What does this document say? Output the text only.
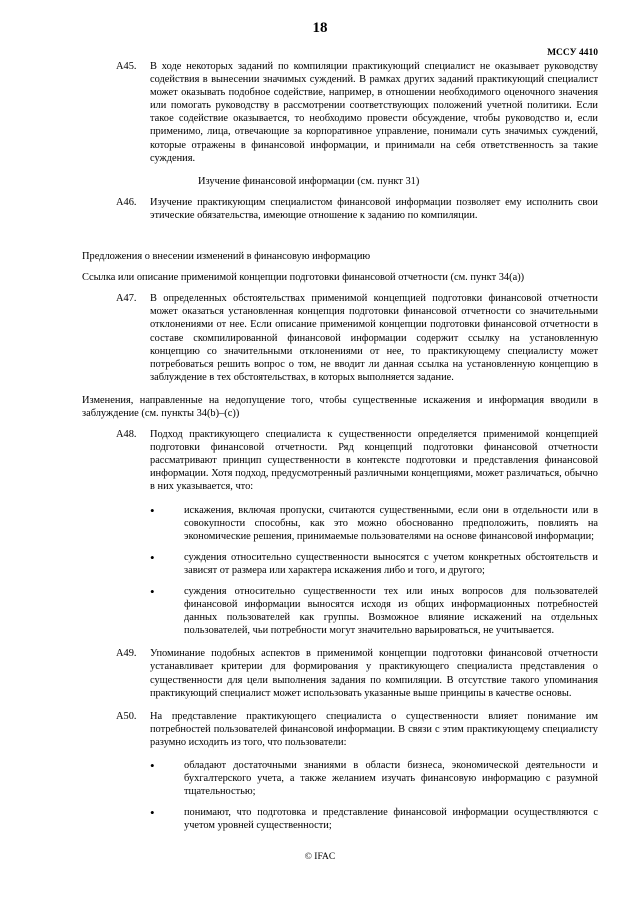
18
МССУ 4410
A45. В ходе некоторых заданий по компиляции практикующий специалист не оказывает руководству содействия в вынесении значимых суждений. В рамках других заданий практикующий специалист может оказывать подобное содействие, например, в отношении необходимого оценочного значения или помогать руководству в рассмотрении соответствующих положений учетной политики. Если такое содействие оказывается, то необходимо провести обсуждение, чтобы руководство и, если применимо, лица, отвечающие за корпоративное управление, понимали суть значимых суждений, которые отражены в финансовой информации, и принимали на себя ответственность за такие суждения.
Изучение финансовой информации (см. пункт 31)
A46. Изучение практикующим специалистом финансовой информации позволяет ему исполнить свои этические обязательства, имеющие отношение к заданию по компиляции.
Предложения о внесении изменений в финансовую информацию
Ссылка или описание применимой концепции подготовки финансовой отчетности (см. пункт 34(a))
A47. В определенных обстоятельствах применимой концепцией подготовки финансовой отчетности может оказаться установленная концепция подготовки финансовой отчетности со значительными отклонениями от нее. Если описание применимой концепции подготовки финансовой отчетности в составе скомпилированной финансовой информации содержит ссылку на установленную концепцию со значительными отклонениями от нее, то практикующему специалисту может потребоваться решить вопрос о том, не вводит ли данная ссылка на установленную концепцию в заблуждение в тех обстоятельствах, в которых выполняется задание.
Изменения, направленные на недопущение того, чтобы существенные искажения и информация вводили в заблуждение (см. пункты 34(b)–(c))
A48. Подход практикующего специалиста к существенности определяется применимой концепцией подготовки финансовой отчетности. Ряд концепций подготовки финансовой отчетности рассматривают принцип существенности в контексте подготовки и представления финансовой информации. Хотя подход, предусмотренный различными концепциями, может различаться, обычно в них указывается, что:
•	искажения, включая пропуски, считаются существенными, если они в отдельности или в совокупности способны, как это можно обоснованно предположить, повлиять на экономические решения, принимаемые пользователями на основе финансовой информации;
•	суждения относительно существенности выносятся с учетом конкретных обстоятельств и зависят от размера или характера искажения либо и того, и другого;
•	суждения относительно существенности тех или иных вопросов для пользователей финансовой информации выносятся исходя из общих информационных потребностей данных пользователей как группы. Возможное влияние искажений на отдельных пользователей, чьи потребности могут значительно варьироваться, не учитывается.
A49. Упоминание подобных аспектов в применимой концепции подготовки финансовой отчетности устанавливает критерии для формирования у практикующего специалиста представления о существенности для цели выполнения задания по компиляции. В отсутствие такого упоминания практикующий специалист может использовать указанные выше принципы в качестве основы.
A50. На представление практикующего специалиста о существенности влияет понимание им потребностей пользователей финансовой информации. В связи с этим практикующему специалисту разумно исходить из того, что пользователи:
•	обладают достаточными знаниями в области бизнеса, экономической деятельности и бухгалтерского учета, а также желанием изучать финансовую информацию с разумной тщательностью;
•	понимают, что подготовка и представление финансовой информации осуществляются с учетом уровней существенности;
© IFAC
